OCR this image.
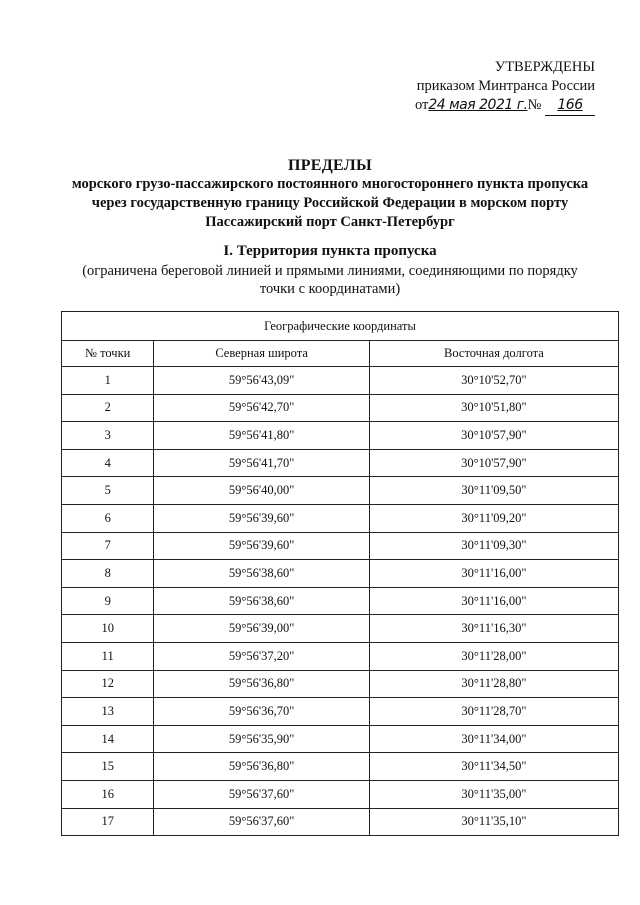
УТВЕРЖДЕНЫ
приказом Минтранса России
от24 мая 2021 г.№ 166
ПРЕДЕЛЫ
морского грузо-пассажирского постоянного многостороннего пункта пропуска
через государственную границу Российской Федерации в морском порту
Пассажирский порт Санкт-Петербург
I. Территория пункта пропуска
(ограничена береговой линией и прямыми линиями, соединяющими по порядку
точки с координатами)
Географические координаты		
№ точки	Северная широта	Восточная долгота
1	59°56'43,09"	30°10'52,70"
2	59°56'42,70"	30°10'51,80"
3	59°56'41,80"	30°10'57,90"
4	59°56'41,70"	30°10'57,90"
5	59°56'40,00"	30°11'09,50"
6	59°56'39,60"	30°11'09,20"
7	59°56'39,60"	30°11'09,30"
8	59°56'38,60"	30°11'16,00"
9	59°56'38,60"	30°11'16,00"
10	59°56'39,00"	30°11'16,30"
11	59°56'37,20"	30°11'28,00"
12	59°56'36,80"	30°11'28,80"
13	59°56'36,70"	30°11'28,70"
14	59°56'35,90"	30°11'34,00"
15	59°56'36,80"	30°11'34,50"
16	59°56'37,60"	30°11'35,00"
17	59°56'37,60"	30°11'35,10"
